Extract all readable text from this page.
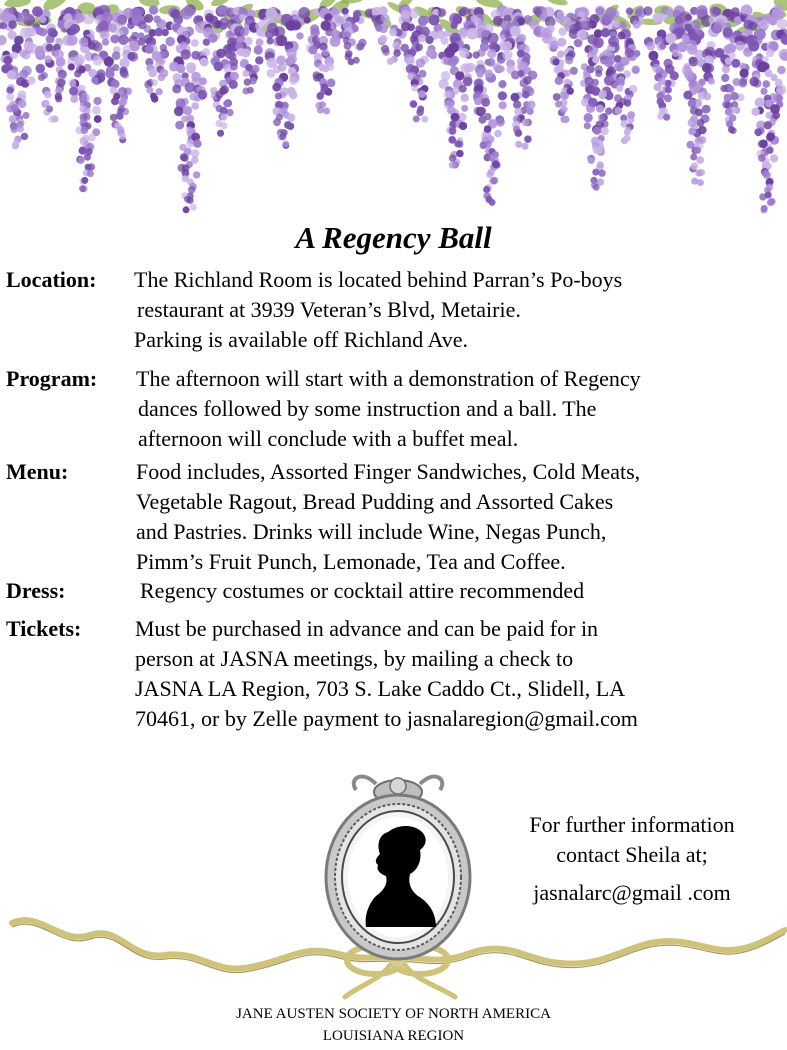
A Regency Ball
Location: The Richland Room is located behind Parran’s Po-boys
restaurant at 3939 Veteran’s Blvd, Metairie.
Parking is available off Richland Ave.
Program: The afternoon will start with a demonstration of Regency
dances followed by some instruction and a ball. The
afternoon will conclude with a buffet meal.
Menu:	Food includes, Assorted Finger Sandwiches, Cold Meats,
Vegetable Ragout, Bread Pudding and Assorted Cakes
and Pastries. Drinks will include Wine, Negas Punch,
Pimm’s Fruit Punch, Lemonade, Tea and Coffee.
Dress:	Regency costumes or cocktail attire recommended
Tickets: Must be purchased in advance and can be paid for in
person at JASNA meetings, by mailing a check to
JASNA LA Region, 703 S. Lake Caddo Ct., Slidell, LA
70461, or by Zelle payment to jasnalaregion@gmail.com
For further information
contact Sheila at;
jasnalarc@gmail .com
JANE AUSTEN SOCIETY OF NORTH AMERICA
LOUISIANA REGION
